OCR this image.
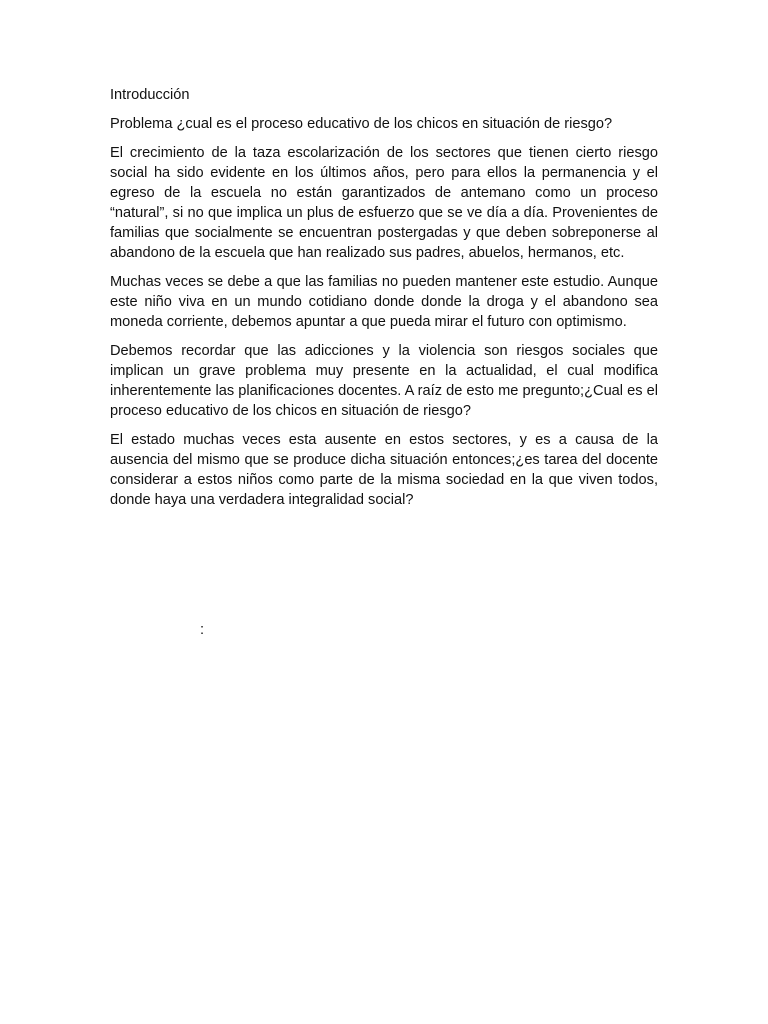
Introducción
Problema ¿cual es el proceso educativo de los chicos en situación de riesgo?

El crecimiento de la taza escolarización de los sectores que tienen cierto riesgo social ha sido evidente en los últimos años, pero para ellos la permanencia y el egreso de la escuela no están garantizados de antemano como un proceso “natural”, si no que implica un plus de esfuerzo que se ve día a día. Provenientes de familias que socialmente se encuentran postergadas y que deben sobreponerse al abandono de la escuela que han realizado sus padres, abuelos, hermanos, etc.

Muchas veces se debe a que las familias no pueden mantener este estudio. Aunque este niño viva en un mundo cotidiano donde donde la droga y el abandono sea moneda corriente, debemos apuntar a que pueda mirar el futuro con optimismo.

Debemos recordar que las adicciones y la violencia son riesgos sociales que implican un grave problema muy presente en la actualidad, el cual modifica inherentemente las planificaciones docentes. A raíz de esto me pregunto;¿Cual es el proceso educativo de los chicos en situación de riesgo?

El estado muchas veces esta ausente en estos sectores, y es a causa de la ausencia del mismo que se produce dicha situación entonces;¿es tarea del docente considerar a estos niños como parte de la misma sociedad en la que viven todos, donde haya una verdadera integralidad social?

:
